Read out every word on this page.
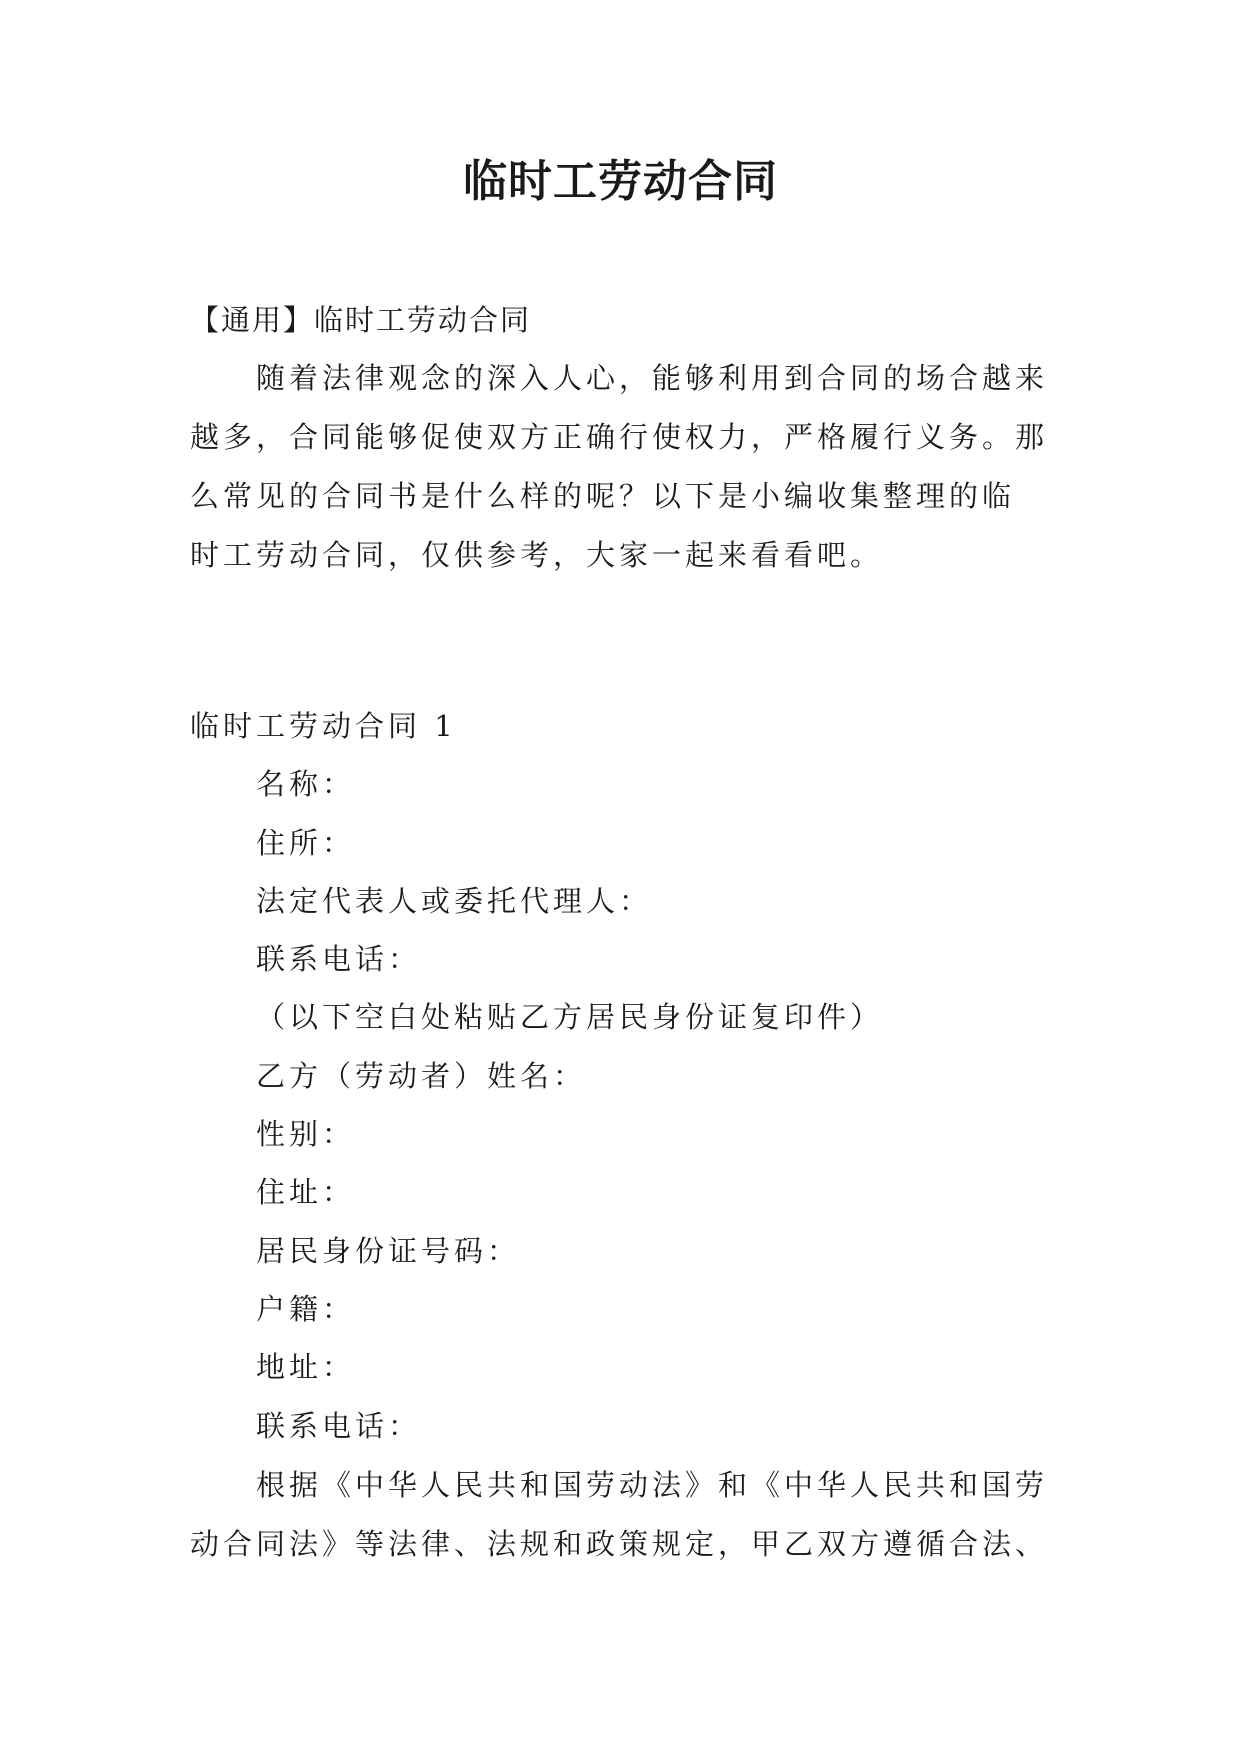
临时工劳动合同
【通用】临时工劳动合同
随着法律观念的深入人心，能够利用到合同的场合越来
越多，合同能够促使双方正确行使权力，严格履行义务。那
么常见的合同书是什么样的呢？以下是小编收集整理的临
时工劳动合同，仅供参考，大家一起来看看吧。
临时工劳动合同 1
名称：
住所：
法定代表人或委托代理人：
联系电话：
（以下空白处粘贴乙方居民身份证复印件）
乙方（劳动者）姓名：
性别：
住址：
居民身份证号码：
户籍：
地址：
联系电话：
根据《中华人民共和国劳动法》和《中华人民共和国劳
动合同法》等法律、法规和政策规定，甲乙双方遵循合法、
